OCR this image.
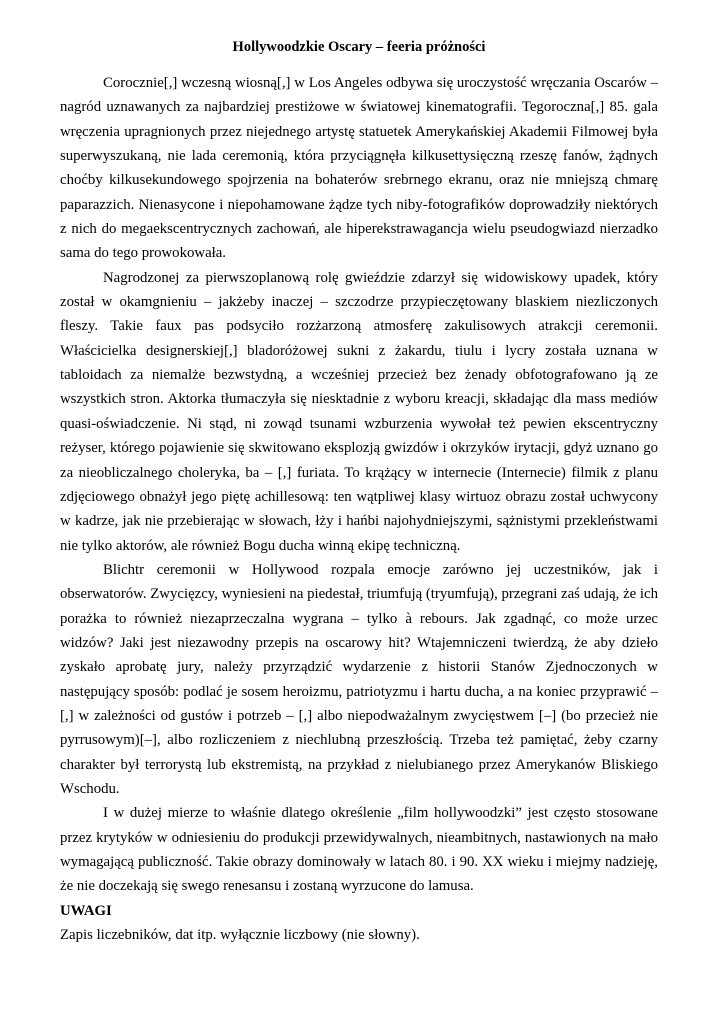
Hollywoodzkie Oscary – feeria próżności

Corocznie[,] wczesną wiosną[,] w Los Angeles odbywa się uroczystość wręczania Oscarów – nagród uznawanych za najbardziej prestiżowe w światowej kinematografii. Tegoroczna[,] 85. gala wręczenia upragnionych przez niejednego artystę statuetek Amerykańskiej Akademii Filmowej była superwyszukaną, nie lada ceremonią, która przyciągnęła kilkusettysięczną rzeszę fanów, żądnych choćby kilkusekundowego spojrzenia na bohaterów srebrnego ekranu, oraz nie mniejszą chmarę paparazzich. Nienasycone i niepohamowane żądze tych niby-fotografików doprowadziły niektórych z nich do megaekscentrycznych zachowań, ale hiperekstrawagancja wielu pseudogwiazd nierzadko sama do tego prowokowała.

Nagrodzonej za pierwszoplanową rolę gwieździe zdarzył się widowiskowy upadek, który został w okamgnieniu – jakżeby inaczej – szczodrze przypieczętowany blaskiem niezliczonych fleszy. Takie faux pas podsyciło rozżarzoną atmosferę zakulisowych atrakcji ceremonii. Właścicielka designerskiej[,] bladoróżowej sukni z żakardu, tiulu i lycry została uznana w tabloidach za niemalże bezwstydną, a wcześniej przecież bez żenady obfotografowano ją ze wszystkich stron. Aktorka tłumaczyła się niesktadnie z wyboru kreacji, składając dla mass mediów quasi-oświadczenie. Ni stąd, ni zowąd tsunami wzburzenia wywołał też pewien ekscentryczny reżyser, którego pojawienie się skwitowano eksplozją gwizdów i okrzyków irytacji, gdyż uznano go za nieobliczalnego choleryka, ba – [,] furiata. To krążący w internecie (Internecie) filmik z planu zdjęciowego obnażył jego piętę achillesową: ten wątpliwej klasy wirtuoz obrazu został uchwycony w kadrze, jak nie przebierając w słowach, łży i hańbi najohydniejszymi, sążnistymi przekleństwami nie tylko aktorów, ale również Bogu ducha winną ekipę techniczną.

Blichtr ceremonii w Hollywood rozpala emocje zarówno jej uczestników, jak i obserwatorów. Zwycięzcy, wyniesieni na piedestał, triumfują (tryumfują), przegrani zaś udają, że ich porażka to również niezaprzeczalna wygrana – tylko à rebours. Jak zgadnąć, co może urzec widzów? Jaki jest niezawodny przepis na oscarowy hit? Wtajemniczeni twierdzą, że aby dzieło zyskało aprobatę jury, należy przyrządzić wydarzenie z historii Stanów Zjednoczonych w następujący sposób: podlać je sosem heroizmu, patriotyzmu i hartu ducha, a na koniec przyprawić – [,] w zależności od gustów i potrzeb – [,] albo niepodważalnym zwycięstwem [–] (bo przecież nie pyrrusowym)[–], albo rozliczeniem z niechlubną przeszłością. Trzeba też pamiętać, żeby czarny charakter był terrorystą lub ekstremistą, na przykład z nielubianego przez Amerykanów Bliskiego Wschodu.

I w dużej mierze to właśnie dlatego określenie „film hollywoodzki” jest często stosowane przez krytyków w odniesieniu do produkcji przewidywalnych, nieambitnych, nastawionych na mało wymagającą publiczność. Takie obrazy dominowały w latach 80. i 90. XX wieku i miejmy nadzieję, że nie doczekają się swego renesansu i zostaną wyrzucone do lamusa.

UWAGI

Zapis liczebników, dat itp. wyłącznie liczbowy (nie słowny).
